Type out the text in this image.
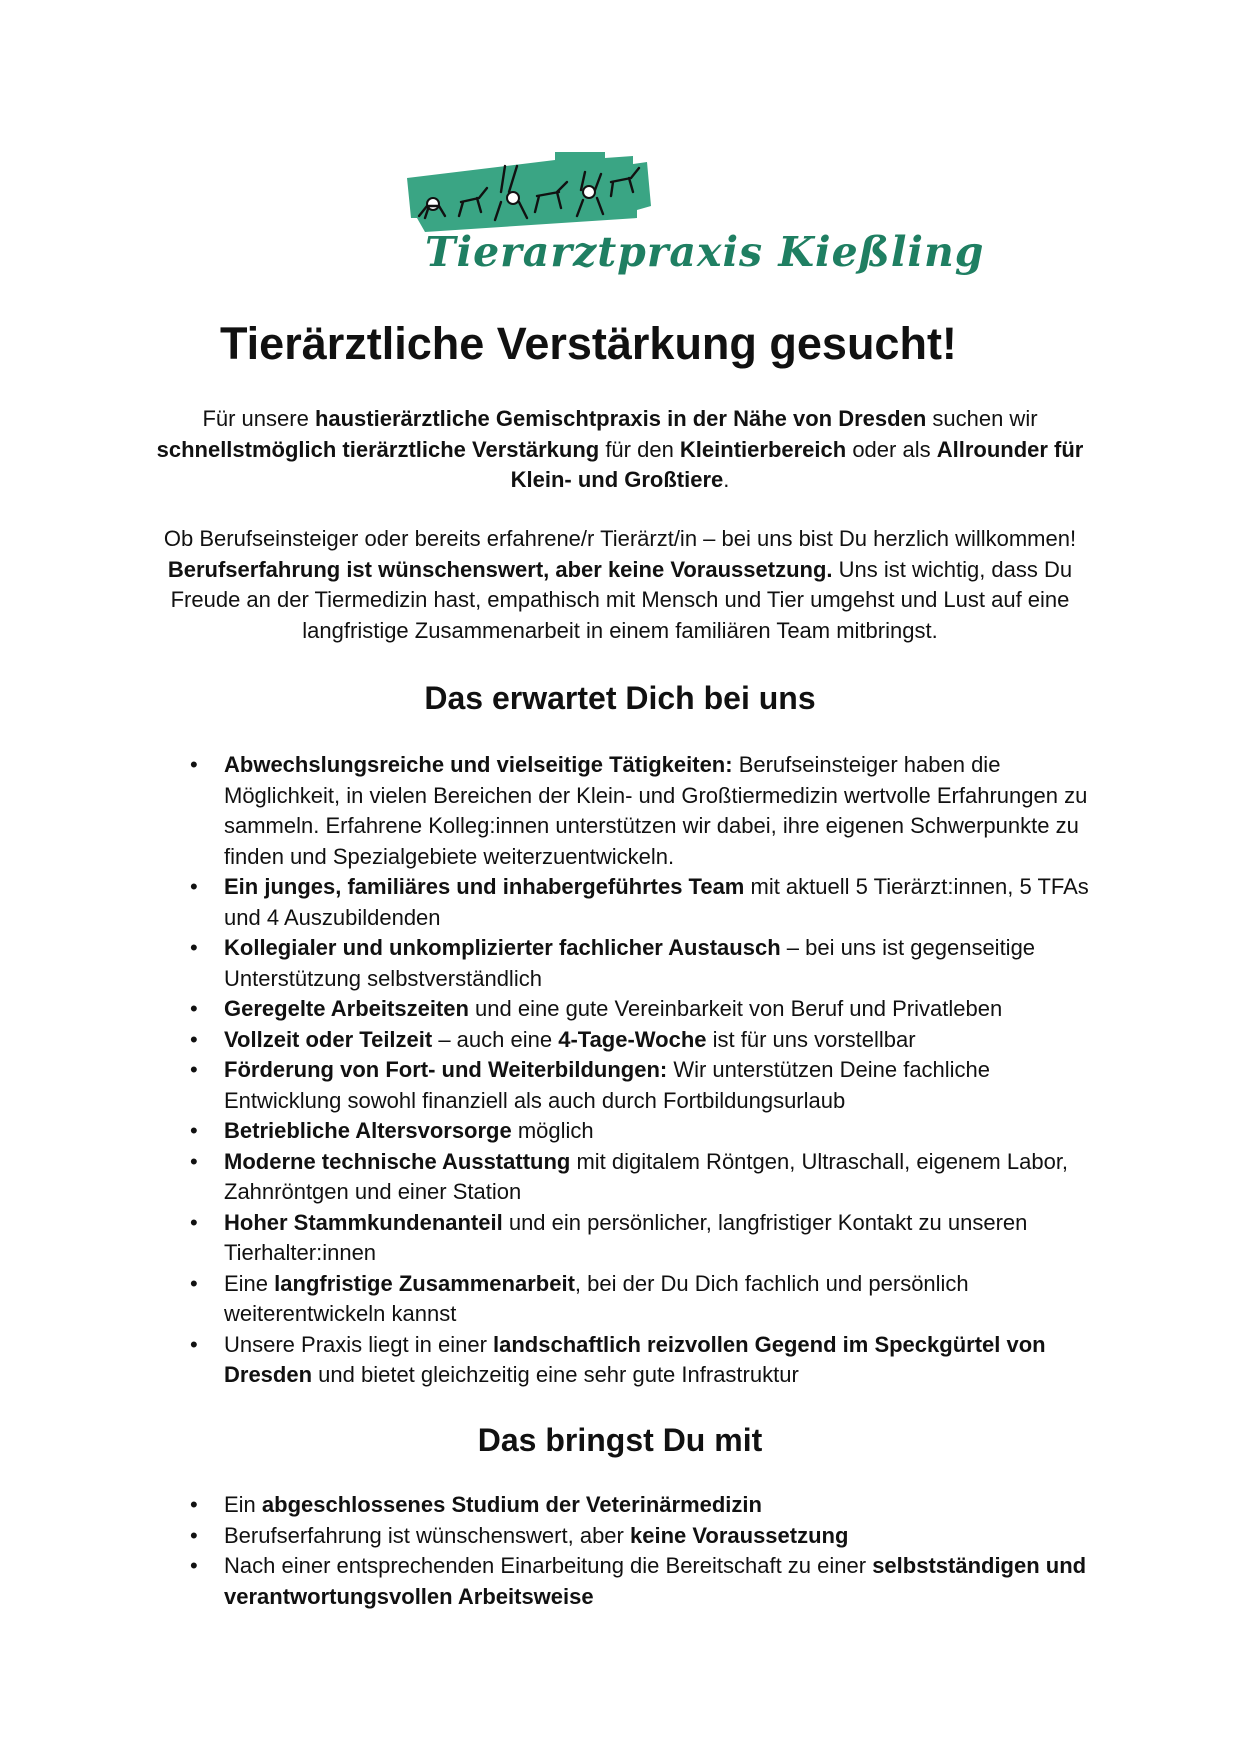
Tierarztpraxis Kießling
Tierärztliche Verstärkung gesucht!

Für unsere haustierärztliche Gemischtpraxis in der Nähe von Dresden suchen wir schnellstmöglich tierärztliche Verstärkung für den Kleintierbereich oder als Allrounder für Klein- und Großtiere.

Ob Berufseinsteiger oder bereits erfahrene/r Tierärzt/in – bei uns bist Du herzlich willkommen! Berufserfahrung ist wünschenswert, aber keine Voraussetzung. Uns ist wichtig, dass Du Freude an der Tiermedizin hast, empathisch mit Mensch und Tier umgehst und Lust auf eine langfristige Zusammenarbeit in einem familiären Team mitbringst.

Das erwartet Dich bei uns
• Abwechslungsreiche und vielseitige Tätigkeiten: Berufseinsteiger haben die Möglichkeit, in vielen Bereichen der Klein- und Großtiermedizin wertvolle Erfahrungen zu sammeln. Erfahrene Kolleg:innen unterstützen wir dabei, ihre eigenen Schwerpunkte zu finden und Spezialgebiete weiterzuentwickeln.
• Ein junges, familiäres und inhabergeführtes Team mit aktuell 5 Tierärzt:innen, 5 TFAs und 4 Auszubildenden
• Kollegialer und unkomplizierter fachlicher Austausch – bei uns ist gegenseitige Unterstützung selbstverständlich
• Geregelte Arbeitszeiten und eine gute Vereinbarkeit von Beruf und Privatleben
• Vollzeit oder Teilzeit – auch eine 4-Tage-Woche ist für uns vorstellbar
• Förderung von Fort- und Weiterbildungen: Wir unterstützen Deine fachliche Entwicklung sowohl finanziell als auch durch Fortbildungsurlaub
• Betriebliche Altersvorsorge möglich
• Moderne technische Ausstattung mit digitalem Röntgen, Ultraschall, eigenem Labor, Zahnröntgen und einer Station
• Hoher Stammkundenanteil und ein persönlicher, langfristiger Kontakt zu unseren Tierhalter:innen
• Eine langfristige Zusammenarbeit, bei der Du Dich fachlich und persönlich weiterentwickeln kannst
• Unsere Praxis liegt in einer landschaftlich reizvollen Gegend im Speckgürtel von Dresden und bietet gleichzeitig eine sehr gute Infrastruktur
Das bringst Du mit
• Ein abgeschlossenes Studium der Veterinärmedizin
• Berufserfahrung ist wünschenswert, aber keine Voraussetzung
• Nach einer entsprechenden Einarbeitung die Bereitschaft zu einer selbstständigen und verantwortungsvollen Arbeitsweise
